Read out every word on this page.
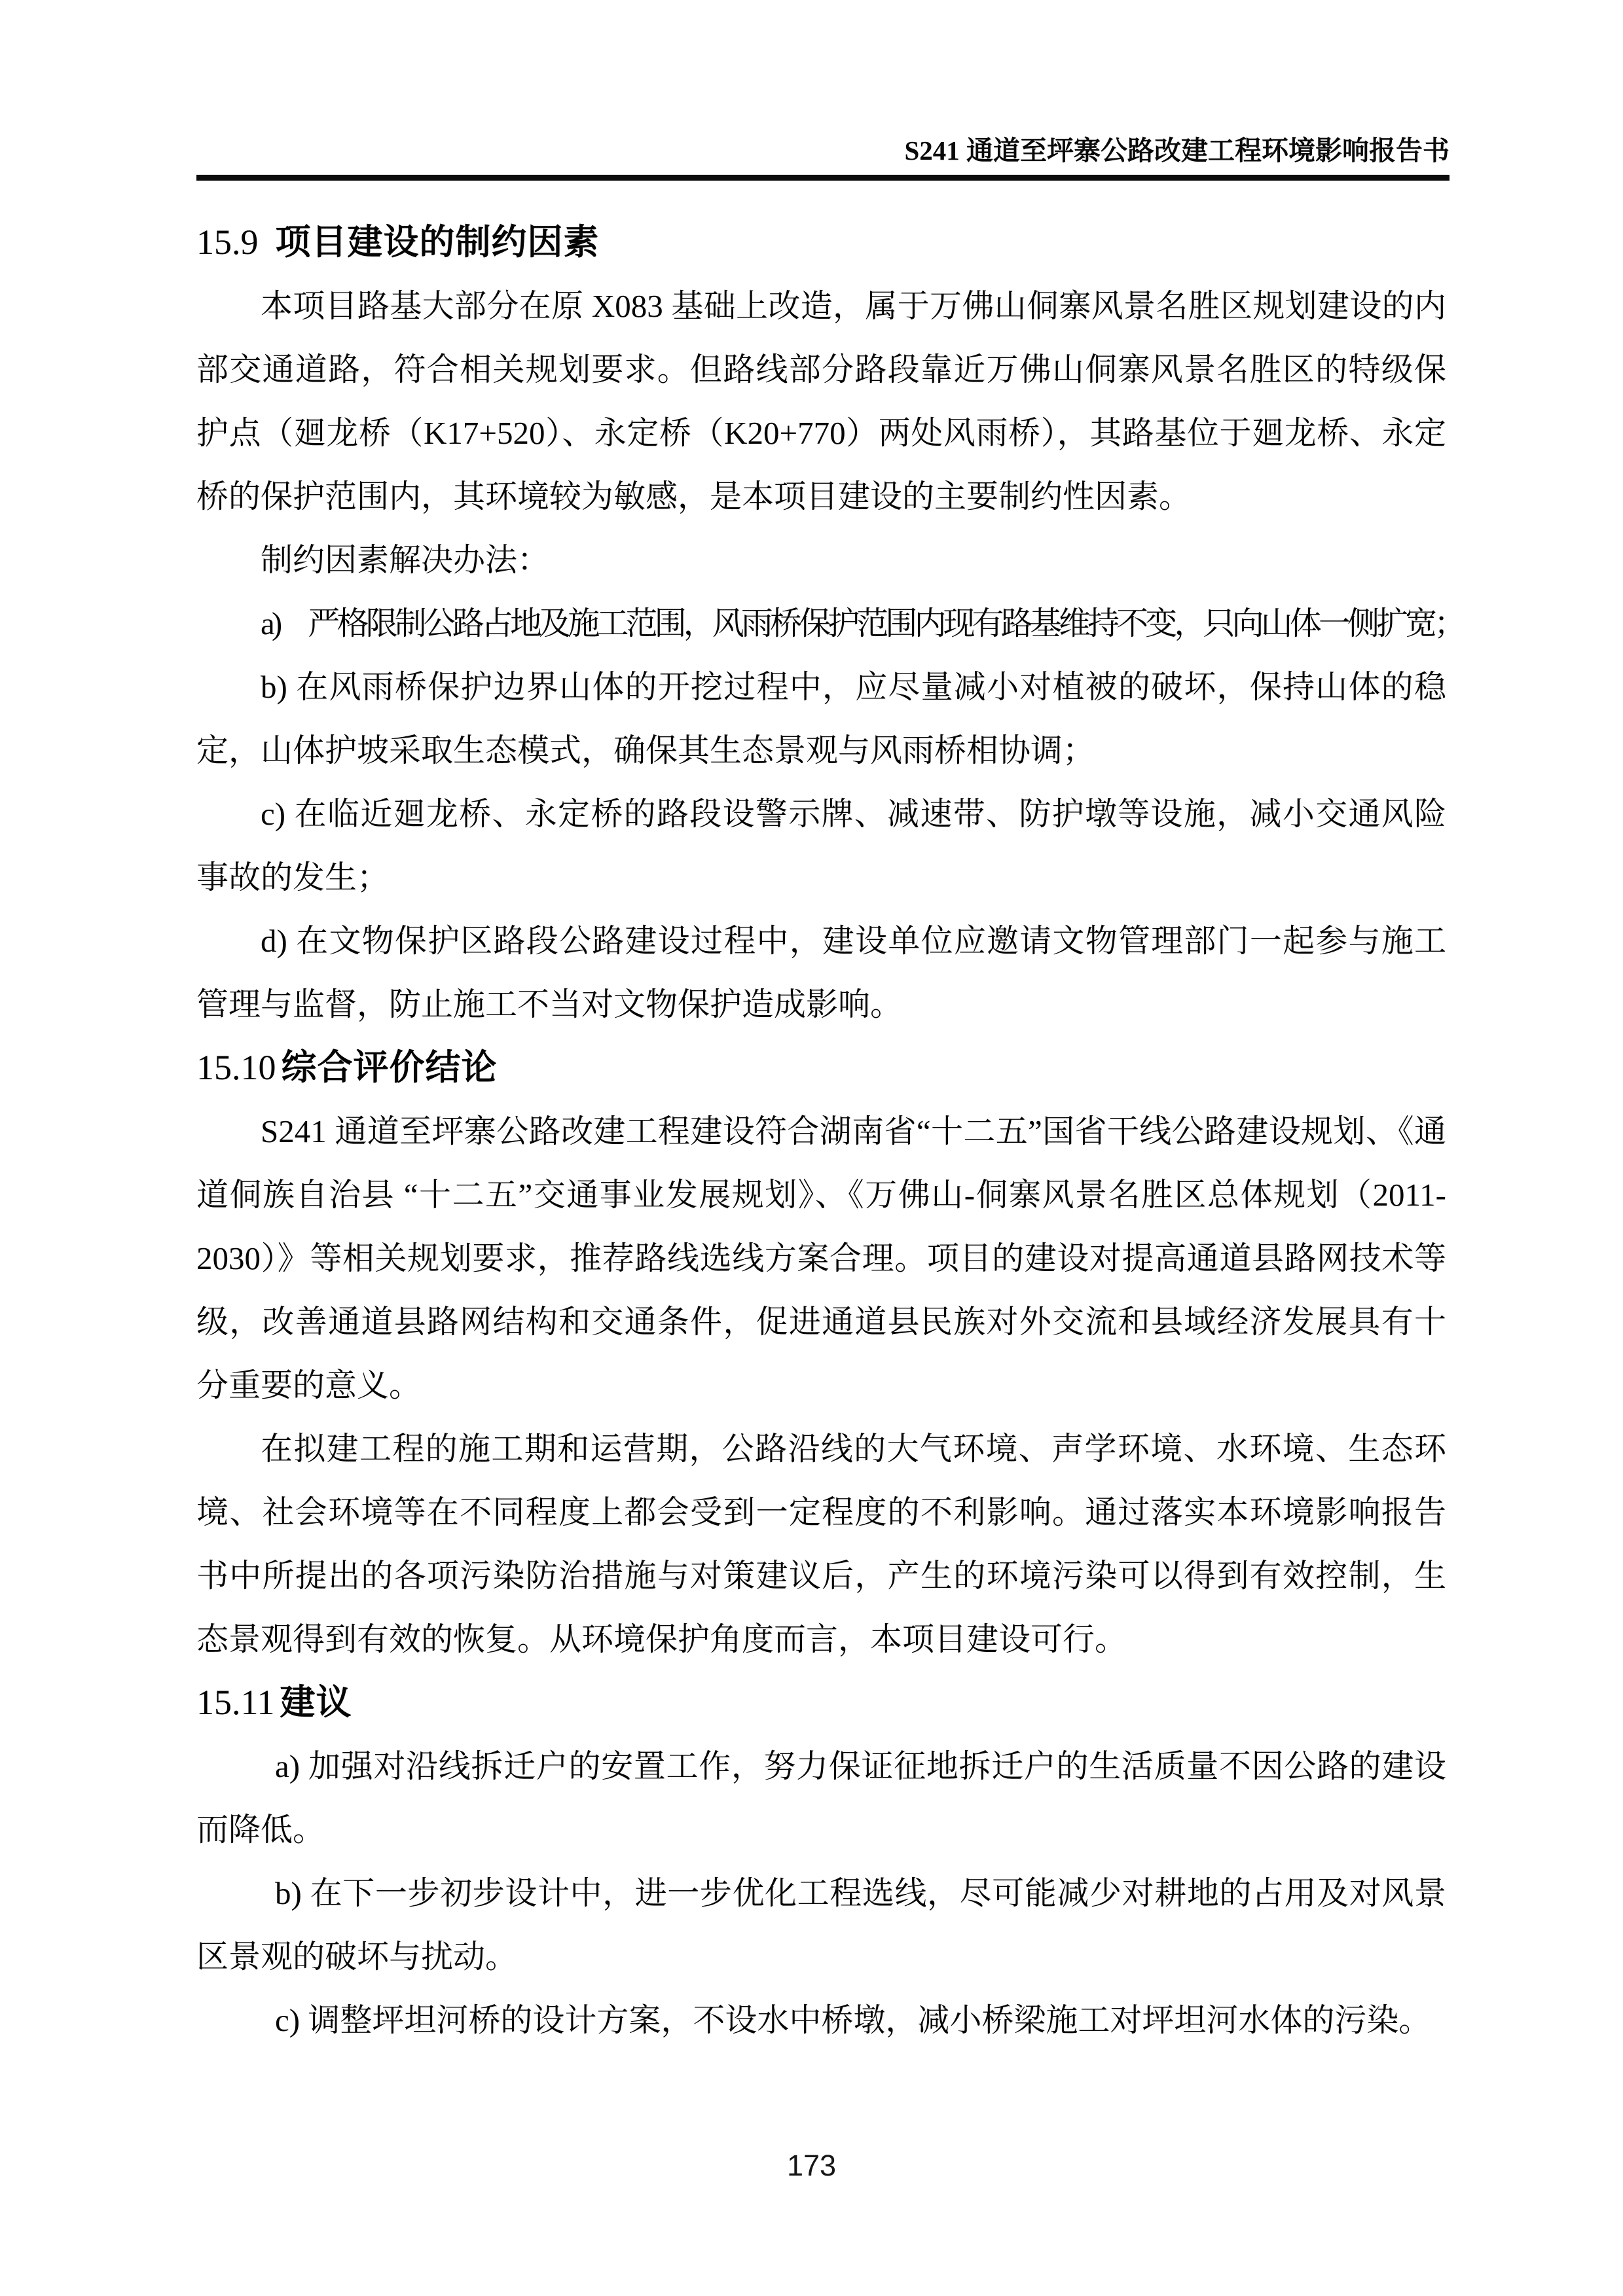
S241 通道至坪寨公路改建工程环境影响报告书
15.9 项目建设的制约因素

本项目路基大部分在原 X083 基础上改造，属于万佛山侗寨风景名胜区规划建设的内部交通道路，符合相关规划要求。但路线部分路段靠近万佛山侗寨风景名胜区的特级保护点（廻龙桥（K17+520）、永定桥（K20+770）两处风雨桥），其路基位于廻龙桥、永定桥的保护范围内，其环境较为敏感，是本项目建设的主要制约性因素。

制约因素解决办法：

a)　严格限制公路占地及施工范围，风雨桥保护范围内现有路基维持不变，只向山体一侧扩宽；

b) 在风雨桥保护边界山体的开挖过程中，应尽量减小对植被的破坏，保持山体的稳定，山体护坡采取生态模式，确保其生态景观与风雨桥相协调；

c) 在临近廻龙桥、永定桥的路段设警示牌、减速带、防护墩等设施，减小交通风险事故的发生；

d) 在文物保护区路段公路建设过程中，建设单位应邀请文物管理部门一起参与施工管理与监督，防止施工不当对文物保护造成影响。

15.10 综合评价结论

S241 通道至坪寨公路改建工程建设符合湖南省“十二五”国省干线公路建设规划、《通道侗族自治县 “十二五”交通事业发展规划》、《万佛山-侗寨风景名胜区总体规划（2011-2030）》等相关规划要求，推荐路线选线方案合理。项目的建设对提高通道县路网技术等级，改善通道县路网结构和交通条件，促进通道县民族对外交流和县域经济发展具有十分重要的意义。

在拟建工程的施工期和运营期，公路沿线的大气环境、声学环境、水环境、生态环境、社会环境等在不同程度上都会受到一定程度的不利影响。通过落实本环境影响报告书中所提出的各项污染防治措施与对策建议后，产生的环境污染可以得到有效控制，生态景观得到有效的恢复。从环境保护角度而言，本项目建设可行。

15.11 建议

a) 加强对沿线拆迁户的安置工作，努力保证征地拆迁户的生活质量不因公路的建设而降低。

b) 在下一步初步设计中，进一步优化工程选线，尽可能减少对耕地的占用及对风景区景观的破坏与扰动。

c) 调整坪坦河桥的设计方案，不设水中桥墩，减小桥梁施工对坪坦河水体的污染。

173
